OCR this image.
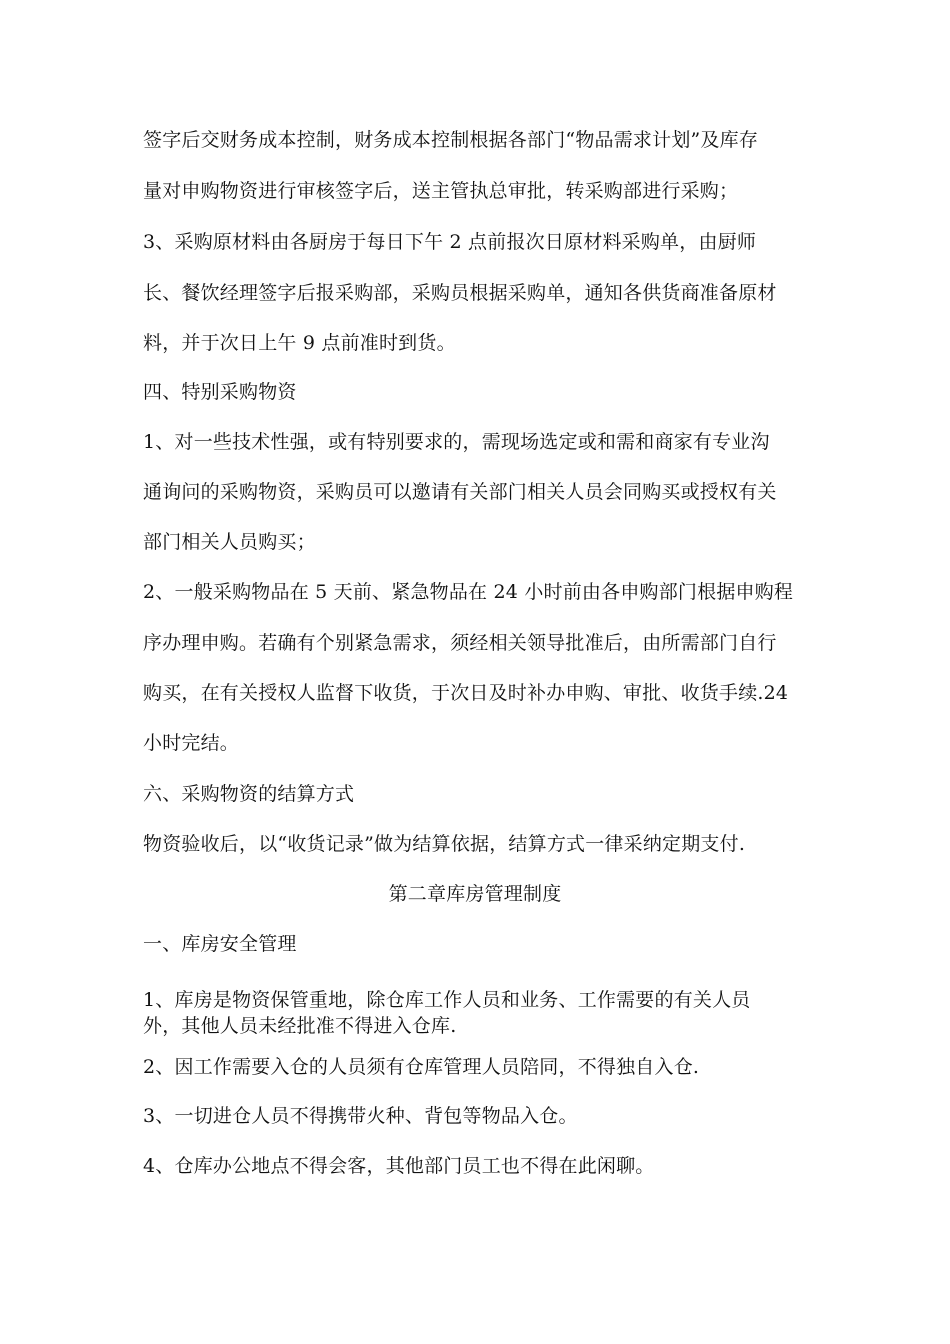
签字后交财务成本控制，财务成本控制根据各部门“物品需求计划”及库存
量对申购物资进行审核签字后，送主管执总审批，转采购部进行采购；
3、采购原材料由各厨房于每日下午 2 点前报次日原材料采购单，由厨师
长、餐饮经理签字后报采购部，采购员根据采购单，通知各供货商准备原材
料，并于次日上午 9 点前准时到货。
四、特别采购物资
1、对一些技术性强，或有特别要求的，需现场选定或和需和商家有专业沟
通询问的采购物资，采购员可以邀请有关部门相关人员会同购买或授权有关
部门相关人员购买；
2、一般采购物品在 5 天前、紧急物品在 24 小时前由各申购部门根据申购程
序办理申购。若确有个别紧急需求，须经相关领导批准后，由所需部门自行
购买，在有关授权人监督下收货，于次日及时补办申购、审批、收货手续.24
小时完结。
六、采购物资的结算方式
物资验收后，以“收货记录”做为结算依据，结算方式一律采纳定期支付.
第二章库房管理制度
一、库房安全管理
1、库房是物资保管重地，除仓库工作人员和业务、工作需要的有关人员
外，其他人员未经批准不得进入仓库.
2、因工作需要入仓的人员须有仓库管理人员陪同，不得独自入仓.
3、一切进仓人员不得携带火种、背包等物品入仓。
4、仓库办公地点不得会客，其他部门员工也不得在此闲聊。
